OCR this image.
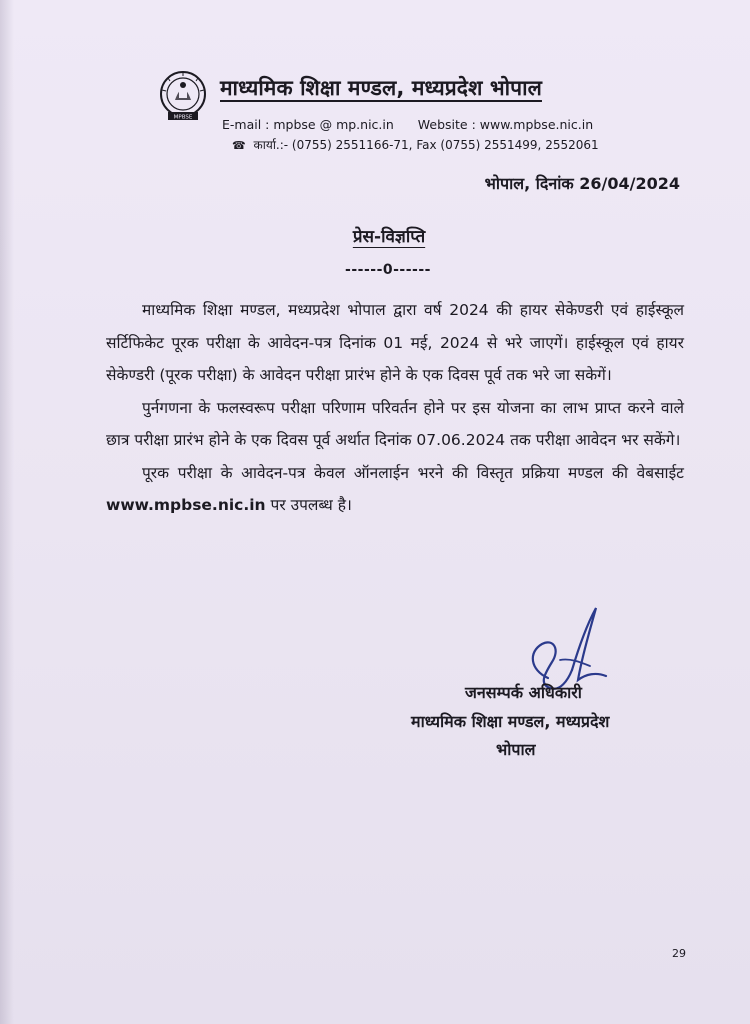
MPBSE
माध्यमिक शिक्षा मण्डल, मध्यप्रदेश भोपाल
E-mail : mpbse @ mp.nic.in Website : www.mpbse.nic.in
☎ कार्या.:- (0755) 2551166-71, Fax (0755) 2551499, 2552061
भोपाल, दिनांक 26/04/2024
प्रेस-विज्ञप्ति
------0------

माध्यमिक शिक्षा मण्डल, मध्यप्रदेश भोपाल द्वारा वर्ष 2024 की हायर सेकेण्डरी एवं हाईस्कूल सर्टिफिकेट पूरक परीक्षा के आवेदन-पत्र दिनांक 01 मई, 2024 से भरे जाएगें। हाईस्कूल एवं हायर सेकेण्डरी (पूरक परीक्षा) के आवेदन परीक्षा प्रारंभ होने के एक दिवस पूर्व तक भरे जा सकेगें।

पुर्नगणना के फलस्वरूप परीक्षा परिणाम परिवर्तन होने पर इस योजना का लाभ प्राप्त करने वाले छात्र परीक्षा प्रारंभ होने के एक दिवस पूर्व अर्थात दिनांक 07.06.2024 तक परीक्षा आवेदन भर सकेंगे।

पूरक परीक्षा के आवेदन-पत्र केवल ऑनलाईन भरने की विस्तृत प्रक्रिया मण्डल की वेबसाईट www.mpbse.nic.in पर उपलब्ध है।

जनसम्पर्क अधिकारी
माध्यमिक शिक्षा मण्डल, मध्यप्रदेश
भोपाल
29
